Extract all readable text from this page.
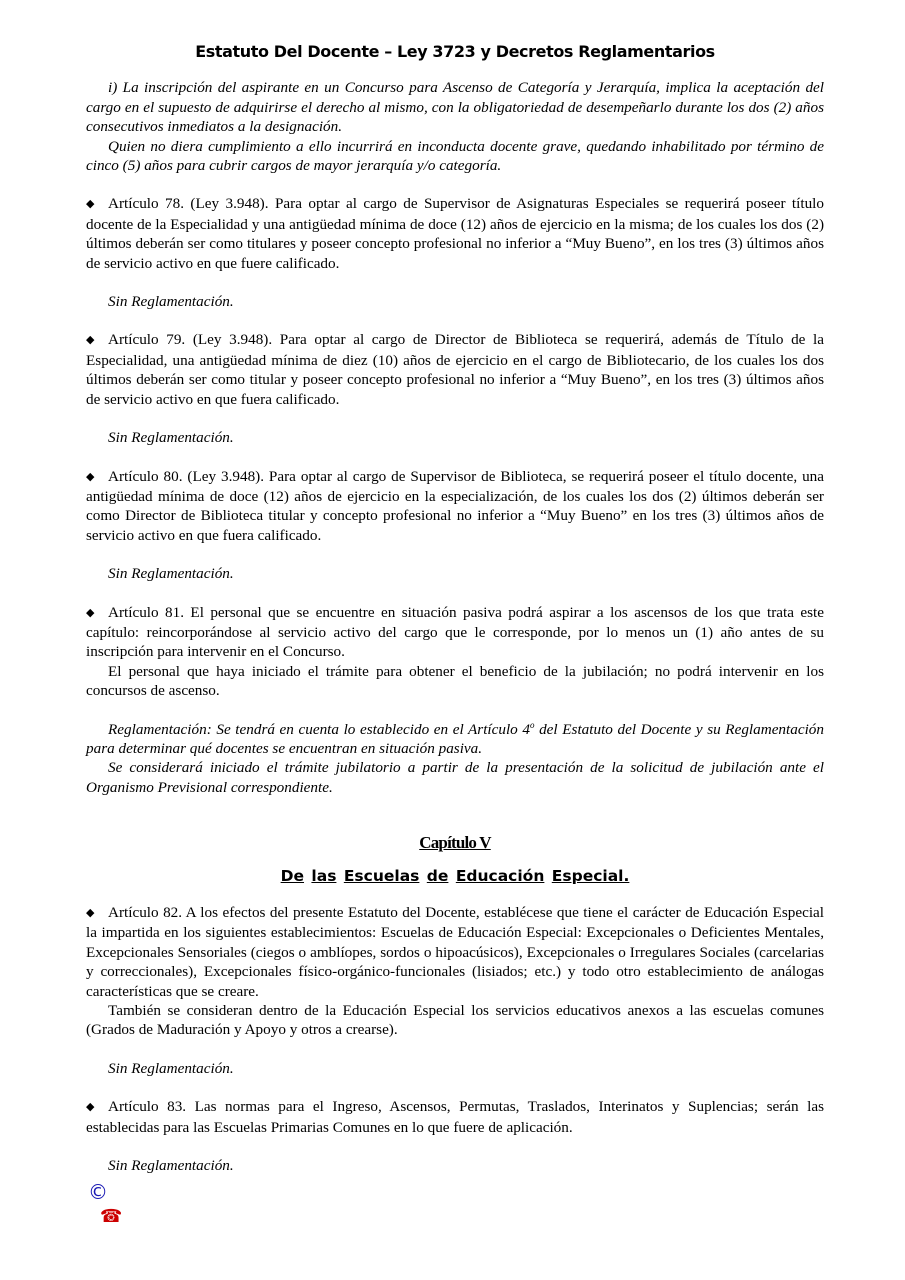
Estatuto Del Docente – Ley 3723 y Decretos Reglamentarios

i) La inscripción del aspirante en un Concurso para Ascenso de Categoría y Jerarquía, implica la aceptación del cargo en el supuesto de adquirirse el derecho al mismo, con la obligatoriedad de desempeñarlo durante los dos (2) años consecutivos inmediatos a la designación.

Quien no diera cumplimiento a ello incurrirá en inconducta docente grave, quedando inhabilitado por término de cinco (5) años para cubrir cargos de mayor jerarquía y/o categoría.

◆ Artículo 78. (Ley 3.948). Para optar al cargo de Supervisor de Asignaturas Especiales se requerirá poseer título docente de la Especialidad y una antigüedad mínima de doce (12) años de ejercicio en la misma; de los cuales los dos (2) últimos deberán ser como titulares y poseer concepto profesional no inferior a “Muy Bueno”, en los tres (3) últimos años de servicio activo en que fuere calificado.

Sin Reglamentación.

◆ Artículo 79. (Ley 3.948). Para optar al cargo de Director de Biblioteca se requerirá, además de Título de la Especialidad, una antigüedad mínima de diez (10) años de ejercicio en el cargo de Bibliotecario, de los cuales los dos últimos deberán ser como titular y poseer concepto profesional no inferior a “Muy Bueno”, en los tres (3) últimos años de servicio activo en que fuera calificado.

Sin Reglamentación.

◆ Artículo 80. (Ley 3.948). Para optar al cargo de Supervisor de Biblioteca, se requerirá poseer el título docente, una antigüedad mínima de doce (12) años de ejercicio en la especialización, de los cuales los dos (2) últimos deberán ser como Director de Biblioteca titular y concepto profesional no inferior a “Muy Bueno” en los tres (3) últimos años de servicio activo en que fuera calificado.

Sin Reglamentación.

◆ Artículo 81. El personal que se encuentre en situación pasiva podrá aspirar a los ascensos de los que trata este capítulo: reincorporándose al servicio activo del cargo que le corresponde, por lo menos un (1) año antes de su inscripción para intervenir en el Concurso.

El personal que haya iniciado el trámite para obtener el beneficio de la jubilación; no podrá intervenir en los concursos de ascenso.

Reglamentación: Se tendrá en cuenta lo establecido en el Artículo 4$^o$ del Estatuto del Docente y su Reglamentación para determinar qué docentes se encuentran en situación pasiva.

Se considerará iniciado el trámite jubilatorio a partir de la presentación de la solicitud de jubilación ante el Organismo Previsional correspondiente.

Capítulo V
De las Escuelas de Educación Especial.

◆ Artículo 82. A los efectos del presente Estatuto del Docente, establécese que tiene el carácter de Educación Especial la impartida en los siguientes establecimientos: Escuelas de Educación Especial: Excepcionales o Deficientes Mentales, Excepcionales Sensoriales (ciegos o amblíopes, sordos o hipoacúsicos), Excepcionales o Irregulares Sociales (carcelarias y correccionales), Excepcionales físico-orgánico-funcionales (lisiados; etc.) y todo otro establecimiento de análogas características que se creare.

También se consideran dentro de la Educación Especial los servicios educativos anexos a las escuelas comunes (Grados de Maduración y Apoyo y otros a crearse).

Sin Reglamentación.

◆ Artículo 83. Las normas para el Ingreso, Ascensos, Permutas, Traslados, Interinatos y Suplencias; serán las establecidas para las Escuelas Primarias Comunes en lo que fuere de aplicación.

Sin Reglamentación.

©
☎
